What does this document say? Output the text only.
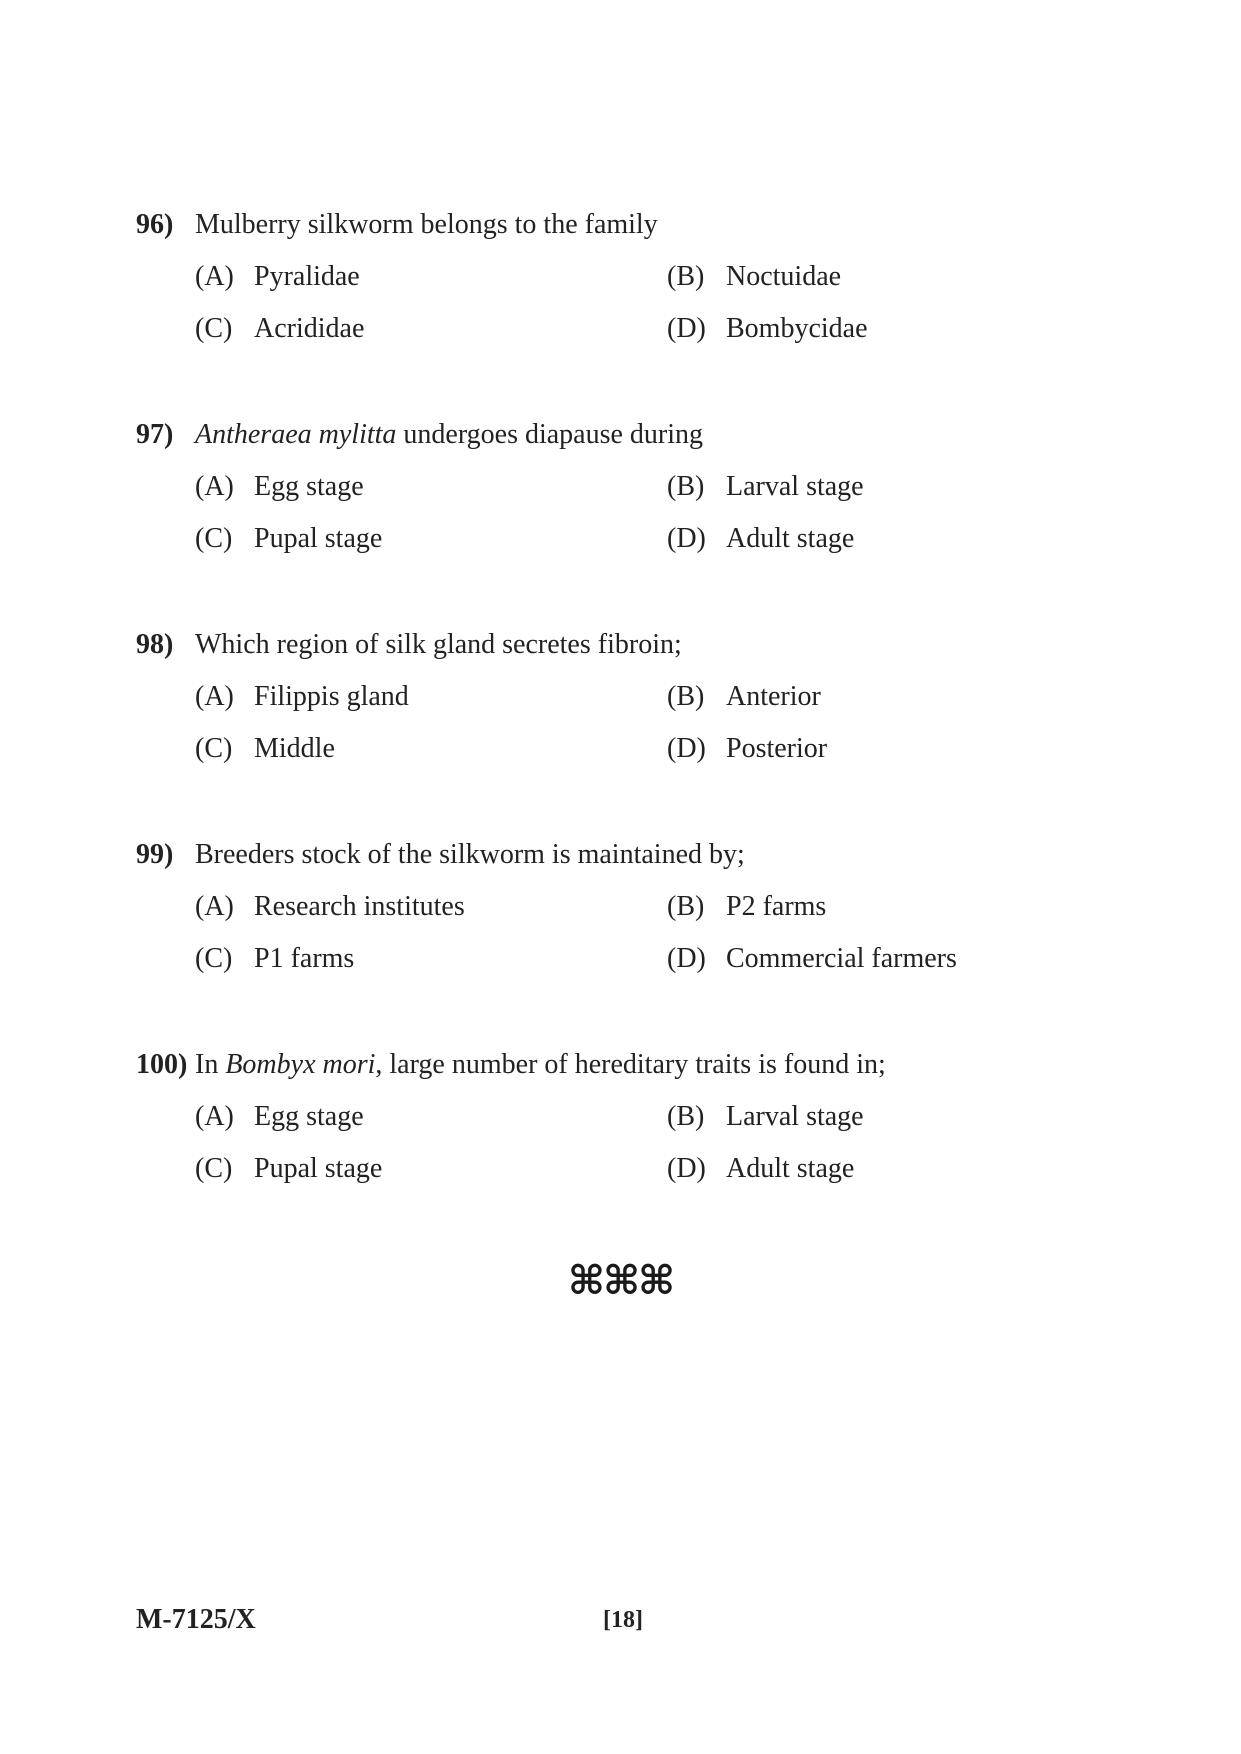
96) Mulberry silkworm belongs to the family
(A) Pyralidae	(B) Noctuidae
(C) Acrididae	(D) Bombycidae
97) Antheraea mylitta undergoes diapause during
(A) Egg stage	(B) Larval stage
(C) Pupal stage	(D) Adult stage
98) Which region of silk gland secretes fibroin;
(A) Filippis gland	(B) Anterior
(C) Middle	(D) Posterior
99) Breeders stock of the silkworm is maintained by;
(A) Research institutes	(B) P2 farms
(C) P1 farms	(D) Commercial farmers
100) In Bombyx mori, large number of hereditary traits is found in;
(A) Egg stage	(B) Larval stage
(C) Pupal stage	(D) Adult stage
⌘⌘⌘
M-7125/X	[18]
